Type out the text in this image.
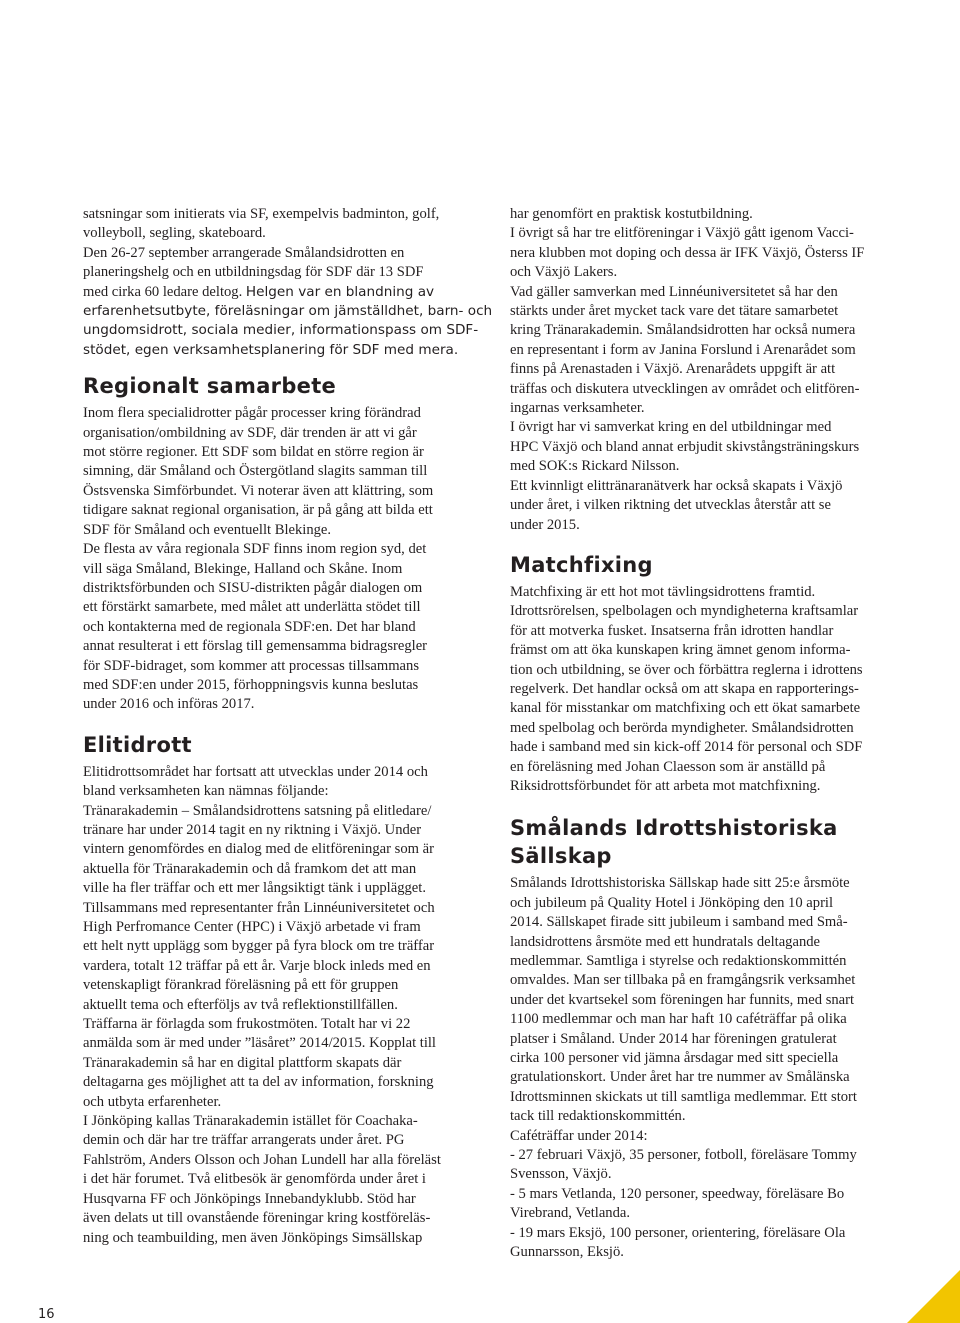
satsningar som initierats via SF, exempelvis badminton, golf,
volleyboll, segling, skateboard.
Den 26-27 september arrangerade Smålandsidrotten en
planeringshelg och en utbildningsdag för SDF där 13 SDF
med cirka 60 ledare deltog. Helgen var en blandning av
erfarenhetsutbyte, föreläsningar om jämställdhet, barn- och
ungdomsidrott, sociala medier, informationspass om SDF-
stödet, egen verksamhetsplanering för SDF med mera.
Regionalt samarbete
Inom flera specialidrotter pågår processer kring förändrad
organisation/ombildning av SDF, där trenden är att vi går
mot större regioner. Ett SDF som bildat en större region är
simning, där Småland och Östergötland slagits samman till
Östsvenska Simförbundet. Vi noterar även att klättring, som
tidigare saknat regional organisation, är på gång att bilda ett
SDF för Småland och eventuellt Blekinge.
De flesta av våra regionala SDF finns inom region syd, det
vill säga Småland, Blekinge, Halland och Skåne. Inom
distriktsförbunden och SISU-distrikten pågår dialogen om
ett förstärkt samarbete, med målet att underlätta stödet till
och kontakterna med de regionala SDF:en. Det har bland
annat resulterat i ett förslag till gemensamma bidragsregler
för SDF-bidraget, som kommer att processas tillsammans
med SDF:en under 2015, förhoppningsvis kunna beslutas
under 2016 och införas 2017.
Elitidrott
Elitidrottsområdet har fortsatt att utvecklas under 2014 och
bland verksamheten kan nämnas följande:
Tränarakademin – Smålandsidrottens satsning på elitledare/
tränare har under 2014 tagit en ny riktning i Växjö. Under
vintern genomfördes en dialog med de elitföreningar som är
aktuella för Tränarakademin och då framkom det att man
ville ha fler träffar och ett mer långsiktigt tänk i upplägget.
Tillsammans med representanter från Linnéuniversitetet och
High Perfromance Center (HPC) i Växjö arbetade vi fram
ett helt nytt upplägg som bygger på fyra block om tre träffar
vardera, totalt 12 träffar på ett år. Varje block inleds med en
vetenskapligt förankrad föreläsning på ett för gruppen
aktuellt tema och efterföljs av två reflektionstillfällen.
Träffarna är förlagda som frukostmöten. Totalt har vi 22
anmälda som är med under ”läsåret” 2014/2015. Kopplat till
Tränarakademin så har en digital plattform skapats där
deltagarna ges möjlighet att ta del av information, forskning
och utbyta erfarenheter.
I Jönköping kallas Tränarakademin istället för Coachaka-
demin och där har tre träffar arrangerats under året. PG
Fahlström, Anders Olsson och Johan Lundell har alla föreläst
i det här forumet. Två elitbesök är genomförda under året i
Husqvarna FF och Jönköpings Innebandyklubb. Stöd har
även delats ut till ovanstående föreningar kring kostföreläs-
ning och teambuilding, men även Jönköpings Simsällskap
har genomfört en praktisk kostutbildning.
I övrigt så har tre elitföreningar i Växjö gått igenom Vacci-
nera klubben mot doping och dessa är IFK Växjö, Österss IF
och Växjö Lakers.
Vad gäller samverkan med Linnéuniversitetet så har den
stärkts under året mycket tack vare det tätare samarbetet
kring Tränarakademin. Smålandsidrotten har också numera
en representant i form av Janina Forslund i Arenarådet som
finns på Arenastaden i Växjö. Arenarådets uppgift är att
träffas och diskutera utvecklingen av området och elitfören-
ingarnas verksamheter.
I övrigt har vi samverkat kring en del utbildningar med
HPC Växjö och bland annat erbjudit skivstångsträningskurs
med SOK:s Rickard Nilsson.
Ett kvinnligt elittränaranätverk har också skapats i Växjö
under året, i vilken riktning det utvecklas återstår att se
under 2015.
Matchfixing
Matchfixing är ett hot mot tävlingsidrottens framtid.
Idrottsrörelsen, spelbolagen och myndigheterna kraftsamlar
för att motverka fusket. Insatserna från idrotten handlar
främst om att öka kunskapen kring ämnet genom informa-
tion och utbildning, se över och förbättra reglerna i idrottens
regelverk. Det handlar också om att skapa en rapporterings-
kanal för misstankar om matchfixing och ett ökat samarbete
med spelbolag och berörda myndigheter. Smålandsidrotten
hade i samband med sin kick-off 2014 för personal och SDF
en föreläsning med Johan Claesson som är anställd på
Riksidrottsförbundet för att arbeta mot matchfixning.
Smålands Idrottshistoriska
Sällskap
Smålands Idrottshistoriska Sällskap hade sitt 25:e årsmöte
och jubileum på Quality Hotel i Jönköping den 10 april
2014. Sällskapet firade sitt jubileum i samband med Små-
landsidrottens årsmöte med ett hundratals deltagande
medlemmar. Samtliga i styrelse och redaktionskommittén
omvaldes. Man ser tillbaka på en framgångsrik verksamhet
under det kvartsekel som föreningen har funnits, med snart
1100 medlemmar och man har haft 10 caféträffar på olika
platser i Småland. Under 2014 har föreningen gratulerat
cirka 100 personer vid jämna årsdagar med sitt speciella
gratulationskort. Under året har tre nummer av Smålänska
Idrottsminnen skickats ut till samtliga medlemmar. Ett stort
tack till redaktionskommittén.
Caféträffar under 2014:
- 27 februari Växjö, 35 personer, fotboll, föreläsare Tommy
Svensson, Växjö.
- 5 mars Vetlanda, 120 personer, speedway, föreläsare Bo
Virebrand, Vetlanda.
- 19 mars Eksjö, 100 personer, orientering, föreläsare Ola
Gunnarsson, Eksjö.
16
